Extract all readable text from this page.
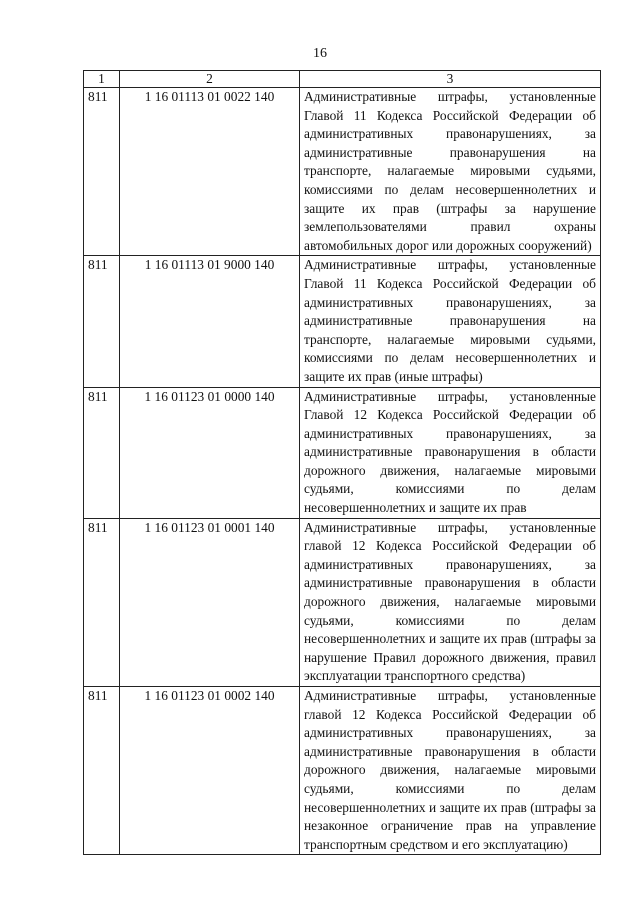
16
1	2	3
811	1 16 01113 01 0022 140	Административные штрафы, установленные Главой 11 Кодекса Российской Федерации об административных правонарушениях, за административные правонарушения на транспорте, налагаемые мировыми судьями, комиссиями по делам несовершеннолетних и защите их прав (штрафы за нарушение землепользователями правил охраны автомобильных дорог или дорожных сооружений)
811	1 16 01113 01 9000 140	Административные штрафы, установленные Главой 11 Кодекса Российской Федерации об административных правонарушениях, за административные правонарушения на транспорте, налагаемые мировыми судьями, комиссиями по делам несовершеннолетних и защите их прав (иные штрафы)
811	1 16 01123 01 0000 140	Административные штрафы, установленные Главой 12 Кодекса Российской Федерации об административных правонарушениях, за административные правонарушения в области дорожного движения, налагаемые мировыми судьями, комиссиями по делам несовершеннолетних и защите их прав
811	1 16 01123 01 0001 140	Административные штрафы, установленные главой 12 Кодекса Российской Федерации об административных правонарушениях, за административные правонарушения в области дорожного движения, налагаемые мировыми судьями, комиссиями по делам несовершеннолетних и защите их прав (штрафы за нарушение Правил дорожного движения, правил эксплуатации транспортного средства)
811	1 16 01123 01 0002 140	Административные штрафы, установленные главой 12 Кодекса Российской Федерации об административных правонарушениях, за административные правонарушения в области дорожного движения, налагаемые мировыми судьями, комиссиями по делам несовершеннолетних и защите их прав (штрафы за незаконное ограничение прав на управление транспортным средством и его эксплуатацию)
